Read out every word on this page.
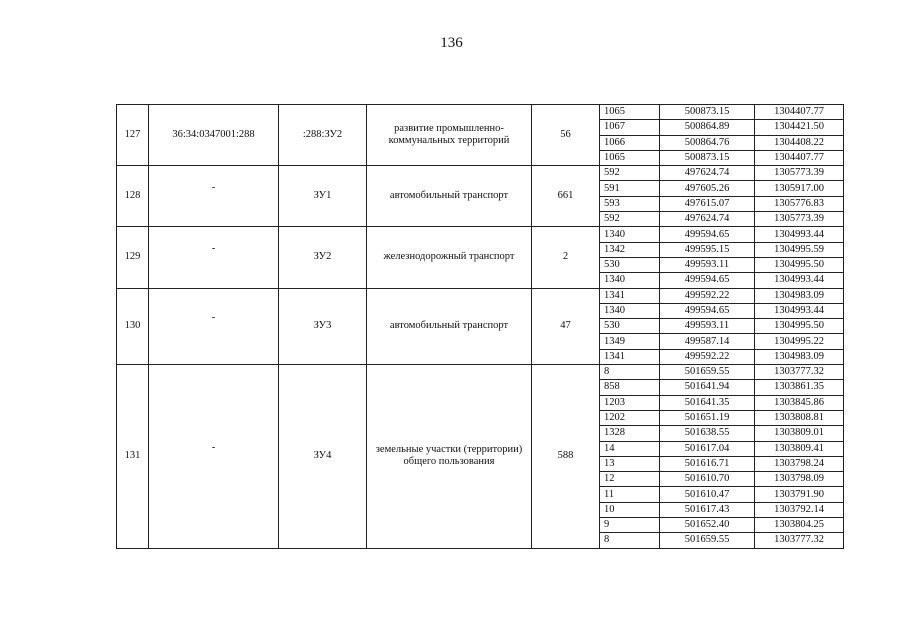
136
127	36:34:0347001:288	:288:ЗУ2	развитие промышленно-коммунальных территорий	56	1065	500873.15	1304407.77
					1067	500864.89	1304421.50
					1066	500864.76	1304408.22
					1065	500873.15	1304407.77
128	-	ЗУ1	автомобильный транспорт	661	592	497624.74	1305773.39
					591	497605.26	1305917.00
					593	497615.07	1305776.83
					592	497624.74	1305773.39
129	-	ЗУ2	железнодорожный транспорт	2	1340	499594.65	1304993.44
					1342	499595.15	1304995.59
					530	499593.11	1304995.50
					1340	499594.65	1304993.44
130	-	ЗУ3	автомобильный транспорт	47	1341	499592.22	1304983.09
					1340	499594.65	1304993.44
					530	499593.11	1304995.50
					1349	499587.14	1304995.22
					1341	499592.22	1304983.09
131	-	ЗУ4	земельные участки (территории) общего пользования	588	8	501659.55	1303777.32
					858	501641.94	1303861.35
					1203	501641.35	1303845.86
					1202	501651.19	1303808.81
					1328	501638.55	1303809.01
					14	501617.04	1303809.41
					13	501616.71	1303798.24
					12	501610.70	1303798.09
					11	501610.47	1303791.90
					10	501617.43	1303792.14
					9	501652.40	1303804.25
					8	501659.55	1303777.32
